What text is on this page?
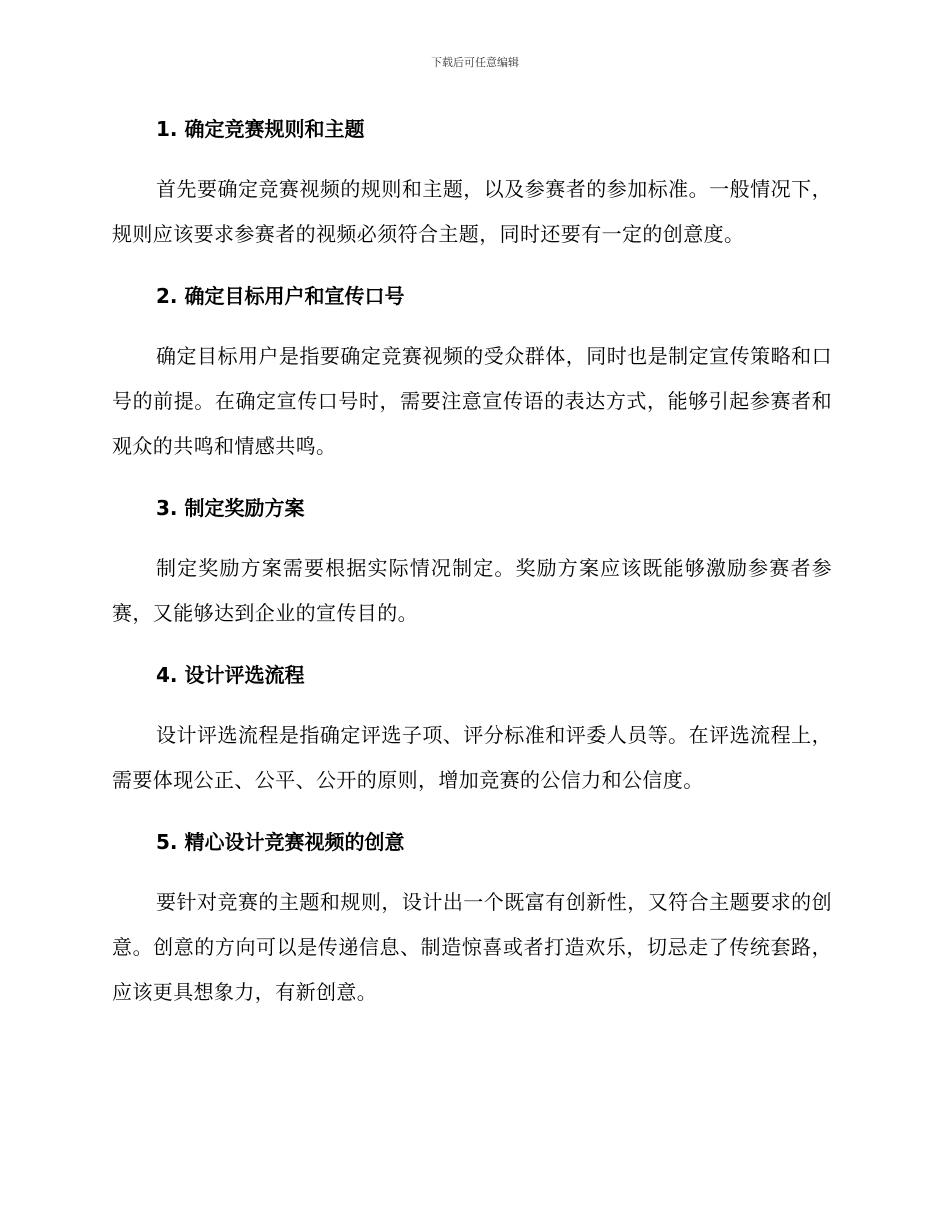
下载后可任意编辑
1. 确定竞赛规则和主题

首先要确定竞赛视频的规则和主题，以及参赛者的参加标准。一般情况下，规则应该要求参赛者的视频必须符合主题，同时还要有一定的创意度。

2. 确定目标用户和宣传口号

确定目标用户是指要确定竞赛视频的受众群体，同时也是制定宣传策略和口号的前提。在确定宣传口号时，需要注意宣传语的表达方式，能够引起参赛者和观众的共鸣和情感共鸣。

3. 制定奖励方案

制定奖励方案需要根据实际情况制定。奖励方案应该既能够激励参赛者参赛，又能够达到企业的宣传目的。

4. 设计评选流程

设计评选流程是指确定评选子项、评分标准和评委人员等。在评选流程上，需要体现公正、公平、公开的原则，增加竞赛的公信力和公信度。

5. 精心设计竞赛视频的创意

要针对竞赛的主题和规则，设计出一个既富有创新性，又符合主题要求的创意。创意的方向可以是传递信息、制造惊喜或者打造欢乐，切忌走了传统套路，应该更具想象力，有新创意。
